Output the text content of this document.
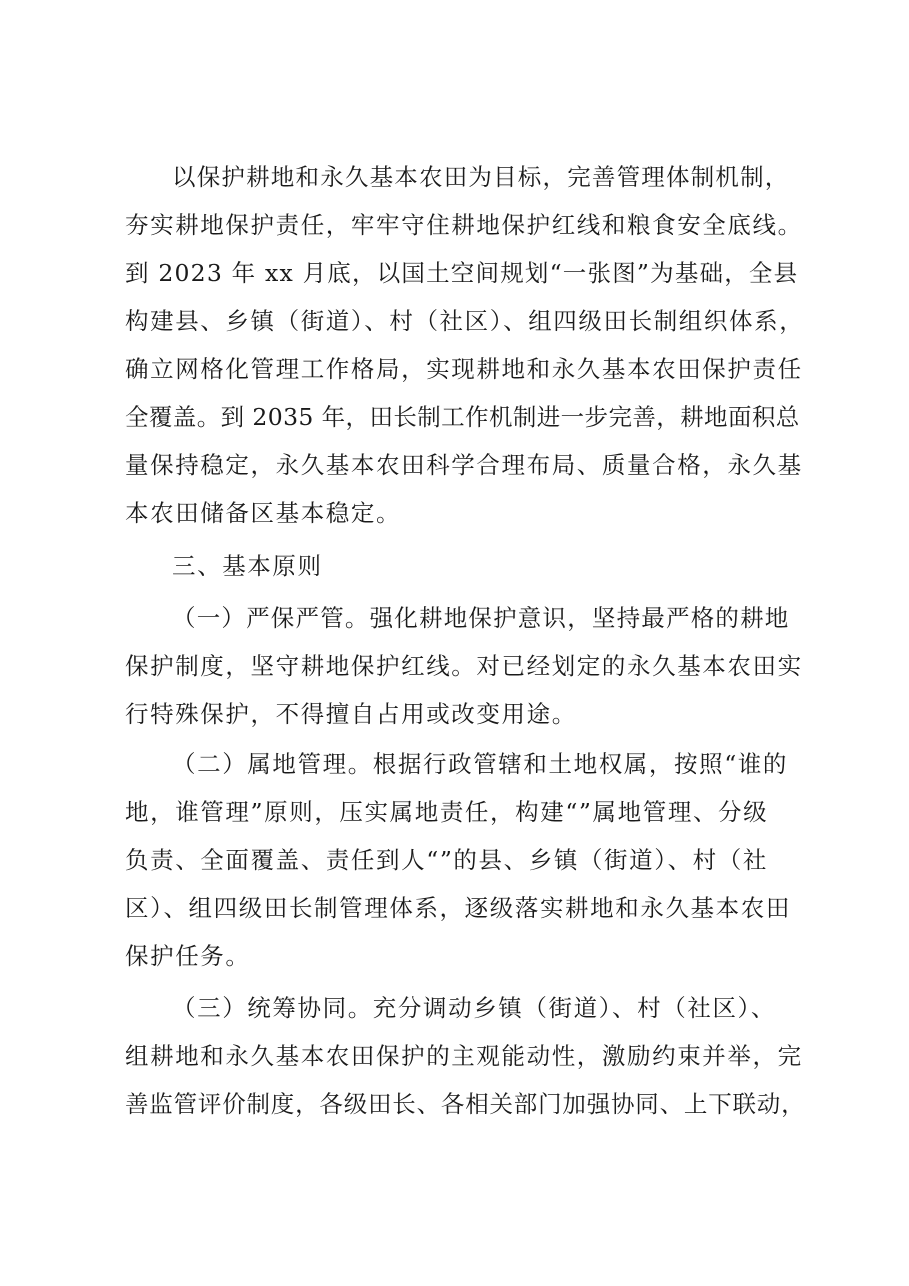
以保护耕地和永久基本农田为目标，完善管理体制机制，
夯实耕地保护责任，牢牢守住耕地保护红线和粮食安全底线。
到 2023 年 xx 月底，以国土空间规划“一张图”为基础，全县
构建县、乡镇（街道）、村（社区）、组四级田长制组织体系，
确立网格化管理工作格局，实现耕地和永久基本农田保护责任
全覆盖。到 2035 年，田长制工作机制进一步完善，耕地面积总
量保持稳定，永久基本农田科学合理布局、质量合格，永久基
本农田储备区基本稳定。
三、基本原则
（一）严保严管。强化耕地保护意识，坚持最严格的耕地
保护制度，坚守耕地保护红线。对已经划定的永久基本农田实
行特殊保护，不得擅自占用或改变用途。
（二）属地管理。根据行政管辖和土地权属，按照“谁的
地，谁管理”原则，压实属地责任，构建“”属地管理、分级
负责、全面覆盖、责任到人“”的县、乡镇（街道）、村（社
区）、组四级田长制管理体系，逐级落实耕地和永久基本农田
保护任务。
（三）统筹协同。充分调动乡镇（街道）、村（社区）、
组耕地和永久基本农田保护的主观能动性，激励约束并举，完
善监管评价制度，各级田长、各相关部门加强协同、上下联动，
